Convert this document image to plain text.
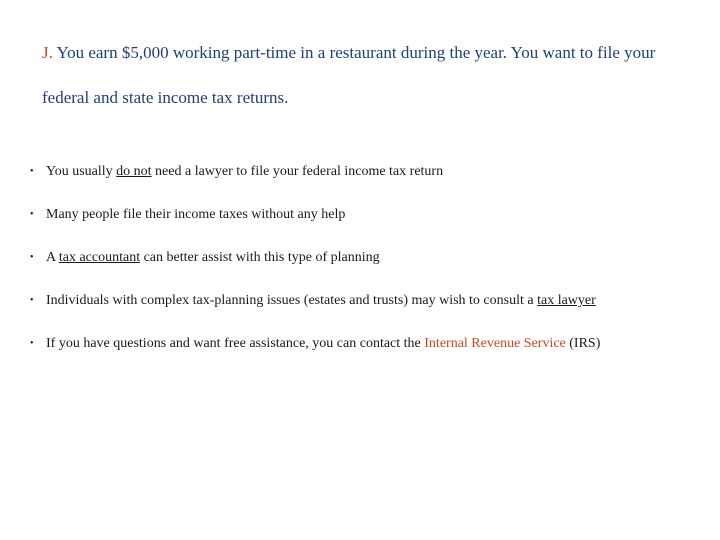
J. You earn $5,000 working part-time in a restaurant during the year. You want to file your federal and state income tax returns.
• You usually do not need a lawyer to file your federal income tax return
• Many people file their income taxes without any help
• A tax accountant can better assist with this type of planning
• Individuals with complex tax-planning issues (estates and trusts) may wish to consult a tax lawyer
• If you have questions and want free assistance, you can contact the Internal Revenue Service (IRS)
